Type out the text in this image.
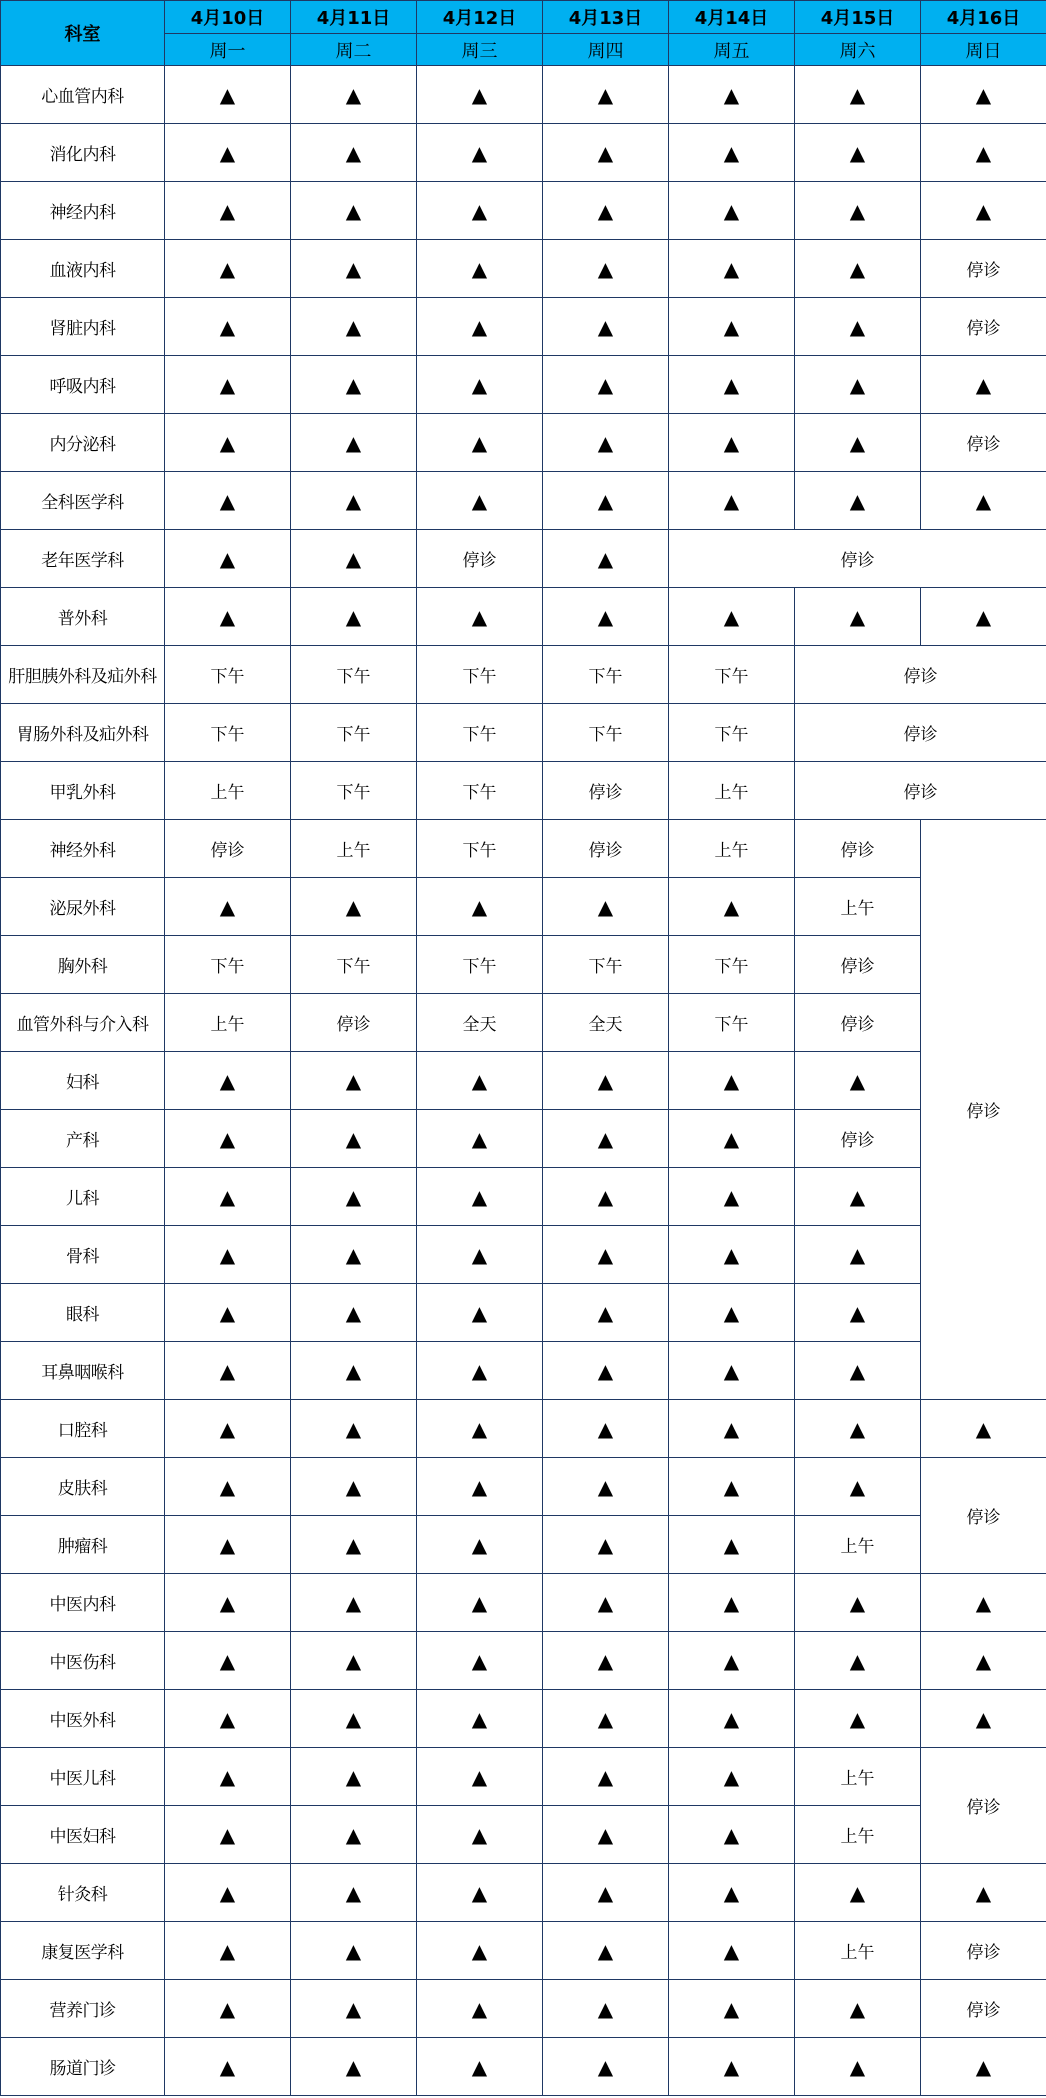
科室	4月10日	4月11日	4月12日	4月13日	4月14日	4月15日	4月16日
	周一	周二	周三	周四	周五	周六	周日
心血管内科	▲	▲	▲	▲	▲	▲	▲
消化内科	▲	▲	▲	▲	▲	▲	▲
神经内科	▲	▲	▲	▲	▲	▲	▲
血液内科	▲	▲	▲	▲	▲	▲	停诊
肾脏内科	▲	▲	▲	▲	▲	▲	停诊
呼吸内科	▲	▲	▲	▲	▲	▲	▲
内分泌科	▲	▲	▲	▲	▲	▲	停诊
全科医学科	▲	▲	▲	▲	▲	▲	▲
老年医学科	▲	▲	停诊	▲	停诊		
普外科	▲	▲	▲	▲	▲	▲	▲
肝胆胰外科及疝外科	下午	下午	下午	下午	下午	停诊	
胃肠外科及疝外科	下午	下午	下午	下午	下午	停诊	
甲乳外科	上午	下午	下午	停诊	上午	停诊	
神经外科	停诊	上午	下午	停诊	上午	停诊	停诊
泌尿外科	▲	▲	▲	▲	▲	上午	
胸外科	下午	下午	下午	下午	下午	停诊	
血管外科与介入科	上午	停诊	全天	全天	下午	停诊	
妇科	▲	▲	▲	▲	▲	▲	
产科	▲	▲	▲	▲	▲	停诊	
儿科	▲	▲	▲	▲	▲	▲	
骨科	▲	▲	▲	▲	▲	▲	
眼科	▲	▲	▲	▲	▲	▲	
耳鼻咽喉科	▲	▲	▲	▲	▲	▲	
口腔科	▲	▲	▲	▲	▲	▲	▲
皮肤科	▲	▲	▲	▲	▲	▲	停诊
肿瘤科	▲	▲	▲	▲	▲	上午	
中医内科	▲	▲	▲	▲	▲	▲	▲
中医伤科	▲	▲	▲	▲	▲	▲	▲
中医外科	▲	▲	▲	▲	▲	▲	▲
中医儿科	▲	▲	▲	▲	▲	上午	停诊
中医妇科	▲	▲	▲	▲	▲	上午	
针灸科	▲	▲	▲	▲	▲	▲	▲
康复医学科	▲	▲	▲	▲	▲	上午	停诊
营养门诊	▲	▲	▲	▲	▲	▲	停诊
肠道门诊	▲	▲	▲	▲	▲	▲	▲
